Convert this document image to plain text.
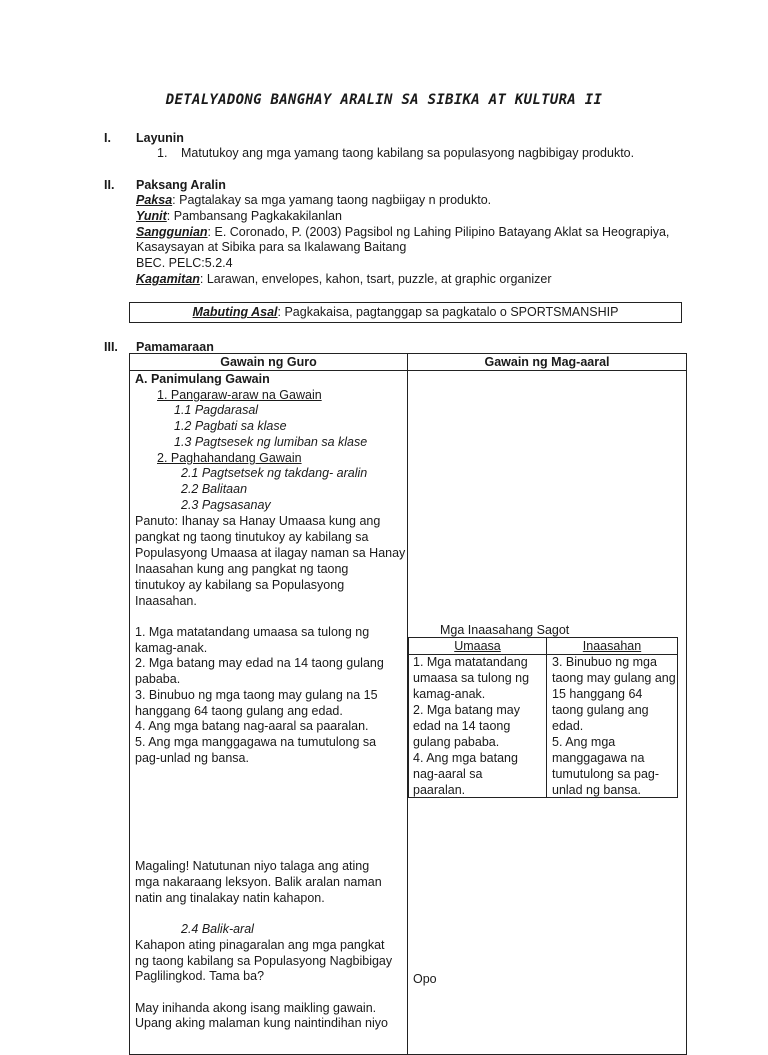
DETALYADONG BANGHAY ARALIN SA SIBIKA AT KULTURA II
I. Layunin
1. Matutukoy ang mga yamang taong kabilang sa populasyong nagbibigay produkto.
II. Paksang Aralin
Paksa: Pagtalakay sa mga yamang taong nagbiigay n produkto.
Yunit: Pambansang Pagkakakilanlan
Sanggunian: E. Coronado, P. (2003) Pagsibol ng Lahing Pilipino Batayang Aklat sa Heograpiya,
Kasaysayan at Sibika para sa Ikalawang Baitang
BEC. PELC:5.2.4
Kagamitan: Larawan, envelopes, kahon, tsart, puzzle, at graphic organizer
Mabuting Asal: Pagkakaisa, pagtanggap sa pagkatalo o SPORTSMANSHIP
III. Pamamaraan
Gawain ng Guro	Gawain ng Mag-aaral
A. Panimulang Gawain
1. Pangaraw-araw na Gawain
1.1 Pagdarasal
1.2 Pagbati sa klase
1.3 Pagtsesek ng lumiban sa klase
2. Paghahandang Gawain
2.1 Pagtsetsek ng takdang- aralin
2.2 Balitaan
2.3 Pagsasanay
Panuto: Ihanay sa Hanay Umaasa kung ang
pangkat ng taong tinutukoy ay kabilang sa
Populasyong Umaasa at ilagay naman sa Hanay
Inaasahan kung ang pangkat ng taong
tinutukoy ay kabilang sa Populasyong
Inaasahan.
1. Mga matatandang umaasa sa tulong ng
kamag-anak.
2. Mga batang may edad na 14 taong gulang
pababa.
3. Binubuo ng mga taong may gulang na 15
hanggang 64 taong gulang ang edad.
4. Ang mga batang nag-aaral sa paaralan.
5. Ang mga manggagawa na tumutulong sa
pag-unlad ng bansa.
Magaling! Natutunan niyo talaga ang ating
mga nakaraang leksyon. Balik aralan naman
natin ang tinalakay natin kahapon.
2.4 Balik-aral
Kahapon ating pinagaralan ang mga pangkat
ng taong kabilang sa Populasyong Nagbibigay
Paglilingkod. Tama ba?
May inihanda akong isang maikling gawain.
Upang aking malaman kung naintindihan niyo
Mga Inaasahang Sagot
Umaasa	Inaasahan
1. Mga matatandang
umaasa sa tulong ng
kamag-anak.
2. Mga batang may
edad na 14 taong
gulang pababa.
4. Ang mga batang
nag-aaral sa
paaralan.
3. Binubuo ng mga
taong may gulang ang
15 hanggang 64
taong gulang ang
edad.
5. Ang mga
manggagawa na
tumutulong sa pag-
unlad ng bansa.
Opo
